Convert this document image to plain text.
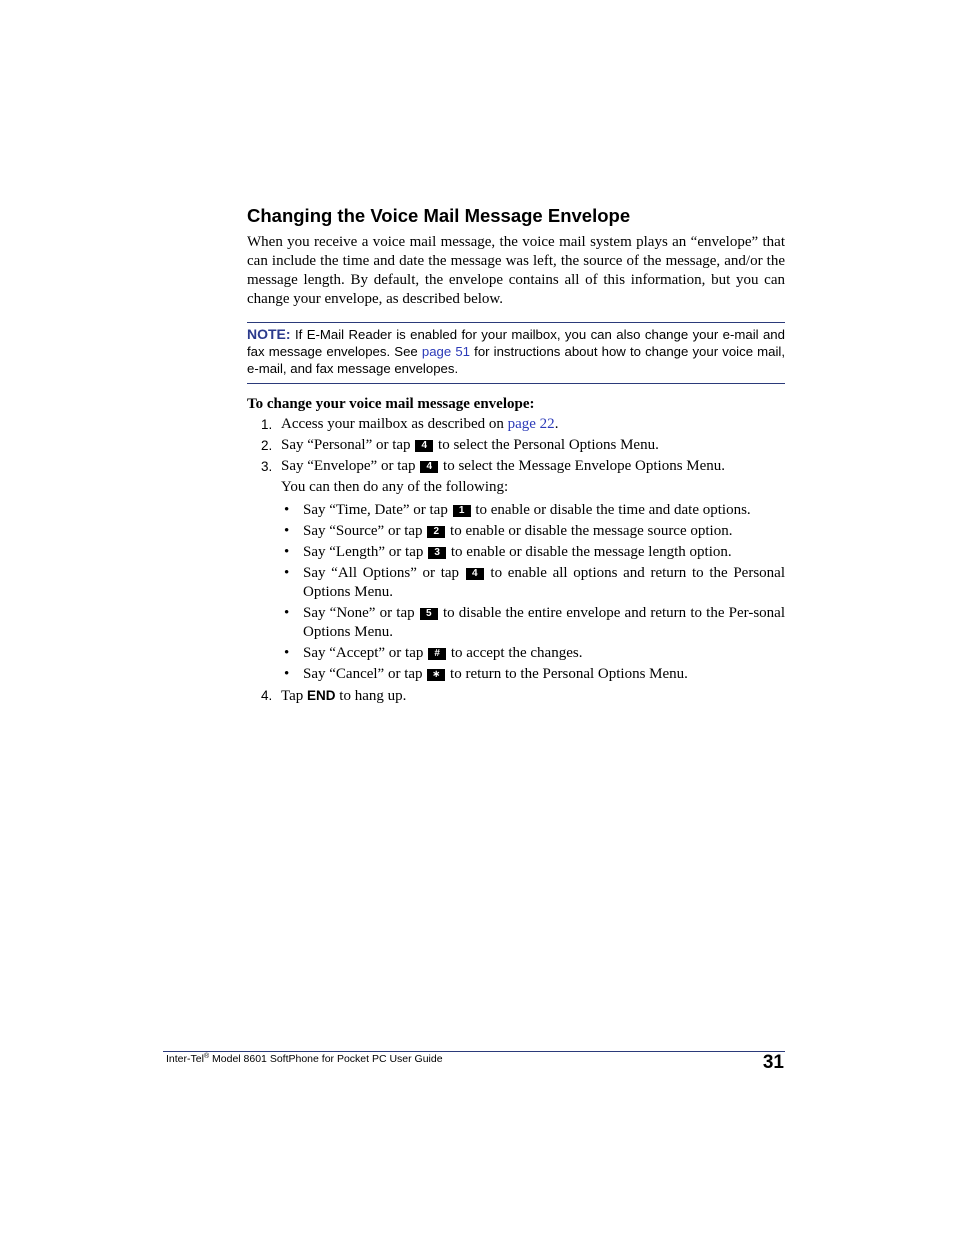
Changing the Voice Mail Message Envelope
When you receive a voice mail message, the voice mail system plays an “envelope” that can include the time and date the message was left, the source of the message, and/or the message length. By default, the envelope contains all of this information, but you can change your envelope, as described below.
NOTE: If E-Mail Reader is enabled for your mailbox, you can also change your e-mail and fax message envelopes. See page 51 for instructions about how to change your voice mail, e-mail, and fax message envelopes.
To change your voice mail message envelope:
1. Access your mailbox as described on page 22.
2. Say “Personal” or tap 4 to select the Personal Options Menu.
3. Say “Envelope” or tap 4 to select the Message Envelope Options Menu.
You can then do any of the following:
• Say “Time, Date” or tap 1 to enable or disable the time and date options.
• Say “Source” or tap 2 to enable or disable the message source option.
• Say “Length” or tap 3 to enable or disable the message length option.
• Say “All Options” or tap 4 to enable all options and return to the Personal Options Menu.
• Say “None” or tap 5 to disable the entire envelope and return to the Per-sonal Options Menu.
• Say “Accept” or tap # to accept the changes.
• Say “Cancel” or tap ∗ to return to the Personal Options Menu.
4. Tap END to hang up.
Inter-Tel® Model 8601 SoftPhone for Pocket PC User Guide	31
